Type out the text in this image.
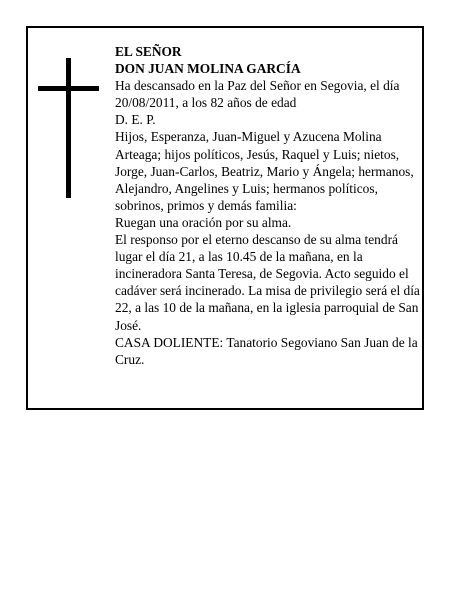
EL SEÑOR

DON JUAN MOLINA GARCÍA

Ha descansado en la Paz del Señor en Segovia, el día 20/08/2011, a los 82 años de edad

D. E. P.

Hijos, Esperanza, Juan-Miguel y Azucena Molina Arteaga; hijos políticos, Jesús, Raquel y Luis; nietos, Jorge, Juan-Carlos, Beatriz, Mario y Ángela; hermanos, Alejandro, Angelines y Luis; hermanos políticos, sobrinos, primos y demás familia:

Ruegan una oración por su alma.

El responso por el eterno descanso de su alma tendrá lugar el día 21, a las 10.45 de la mañana, en la incineradora Santa Teresa, de Segovia. Acto seguido el cadáver será incinerado. La misa de privilegio será el día 22, a las 10 de la mañana, en la iglesia parroquial de San José.

CASA DOLIENTE: Tanatorio Segoviano San Juan de la Cruz.
